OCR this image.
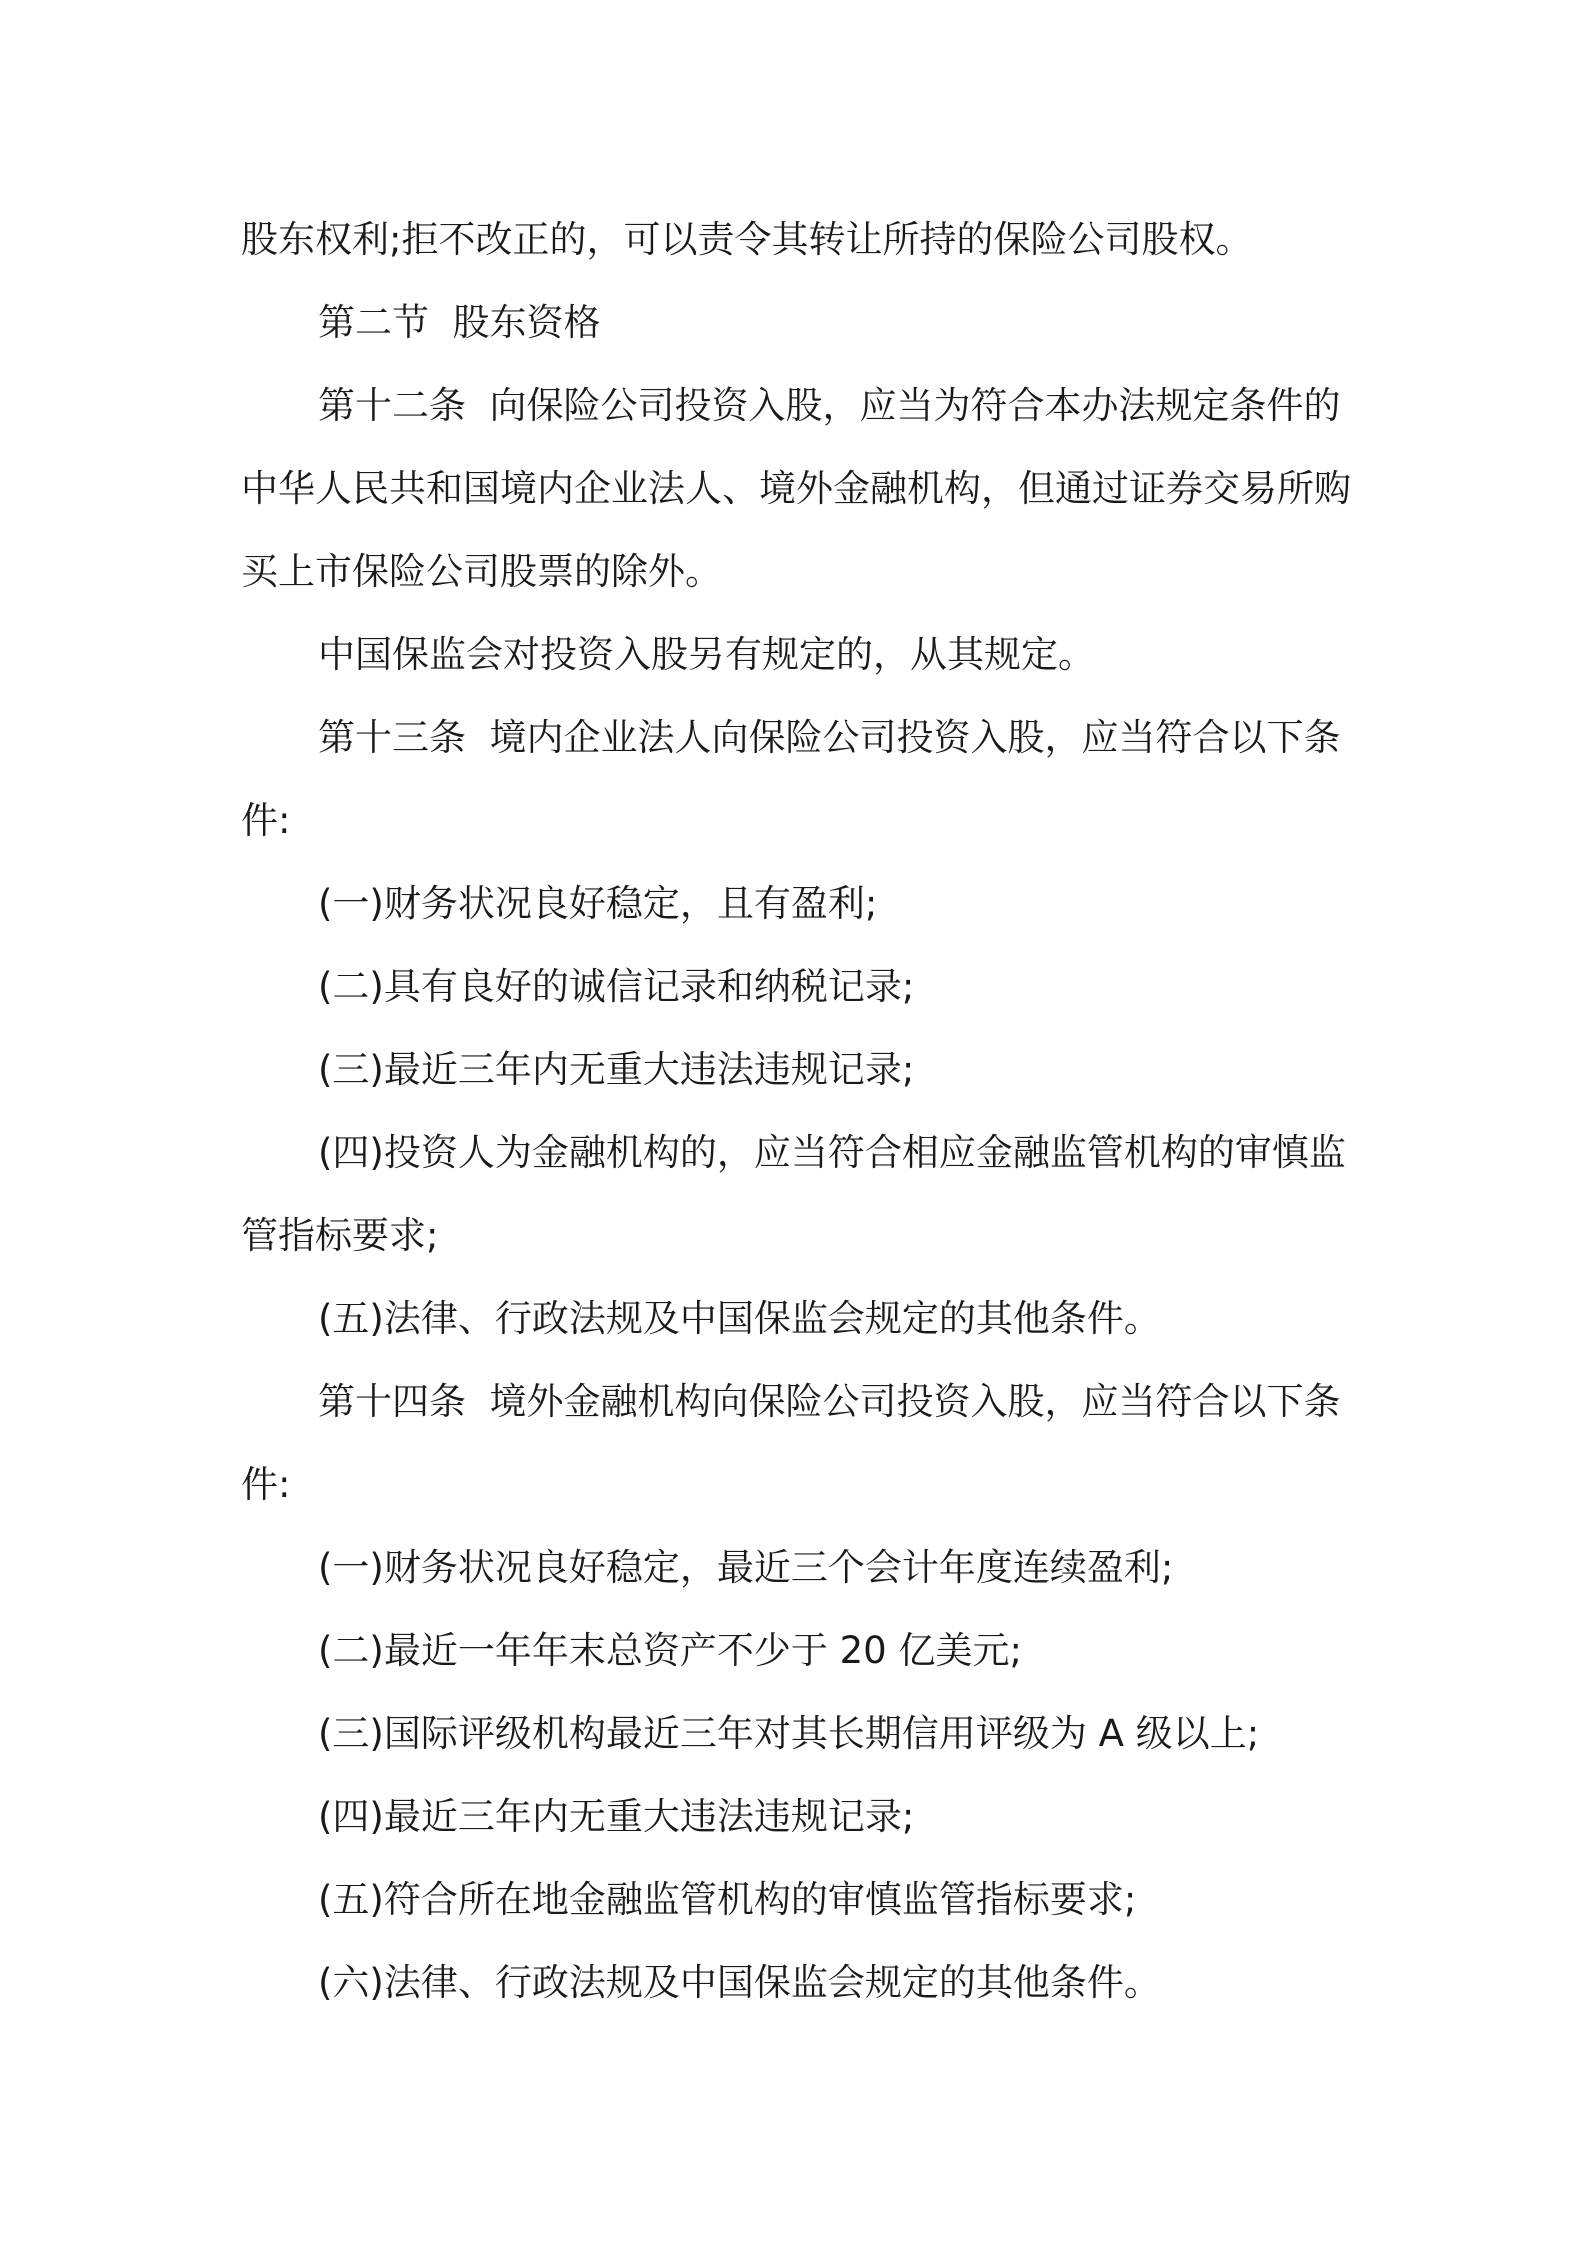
股东权利;拒不改正的，可以责令其转让所持的保险公司股权。
第二节  股东资格
第十二条  向保险公司投资入股，应当为符合本办法规定条件的
中华人民共和国境内企业法人、境外金融机构，但通过证券交易所购
买上市保险公司股票的除外。
中国保监会对投资入股另有规定的，从其规定。
第十三条  境内企业法人向保险公司投资入股，应当符合以下条
件:
(一)财务状况良好稳定，且有盈利;
(二)具有良好的诚信记录和纳税记录;
(三)最近三年内无重大违法违规记录;
(四)投资人为金融机构的，应当符合相应金融监管机构的审慎监
管指标要求;
(五)法律、行政法规及中国保监会规定的其他条件。
第十四条  境外金融机构向保险公司投资入股，应当符合以下条
件:
(一)财务状况良好稳定，最近三个会计年度连续盈利;
(二)最近一年年末总资产不少于 20 亿美元;
(三)国际评级机构最近三年对其长期信用评级为 A 级以上;
(四)最近三年内无重大违法违规记录;
(五)符合所在地金融监管机构的审慎监管指标要求;
(六)法律、行政法规及中国保监会规定的其他条件。
